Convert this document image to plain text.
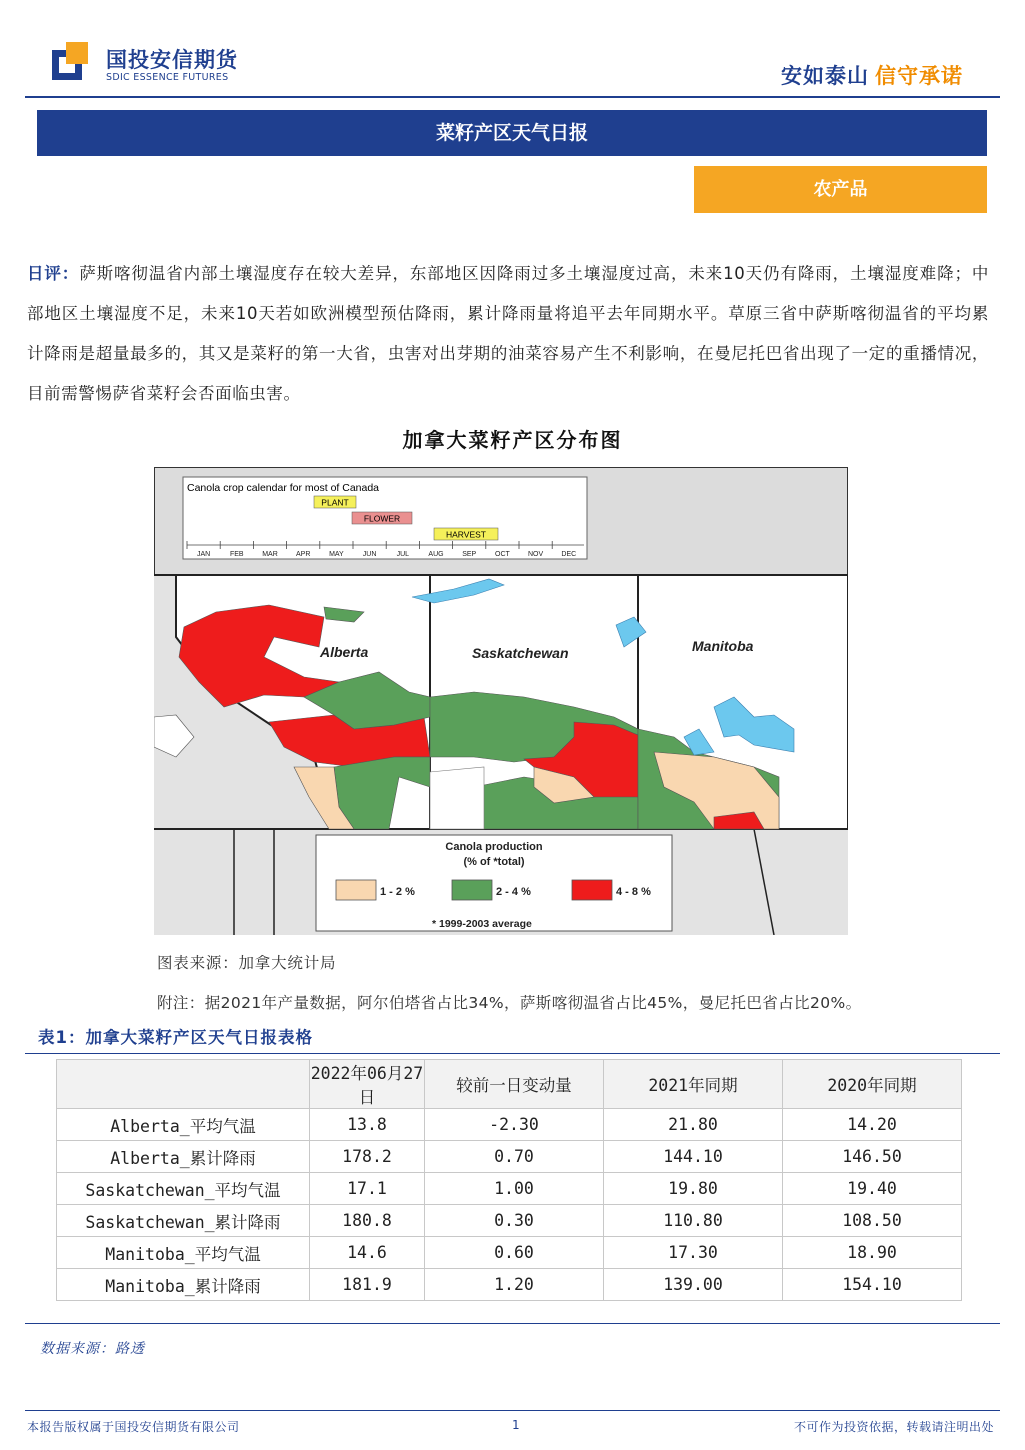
国投安信期货
SDIC ESSENCE FUTURES	安如泰山 信守承诺
菜籽产区天气日报
农产品
日评：萨斯喀彻温省内部土壤湿度存在较大差异，东部地区因降雨过多土壤湿度过高，未来10天仍有降雨，土壤湿度难降；中部地区土壤湿度不足，未来10天若如欧洲模型预估降雨，累计降雨量将追平去年同期水平。草原三省中萨斯喀彻温省的平均累计降雨是超量最多的，其又是菜籽的第一大省，虫害对出芽期的油菜容易产生不利影响，在曼尼托巴省出现了一定的重播情况，目前需警惕萨省菜籽会否面临虫害。
加拿大菜籽产区分布图
Canola crop calendar for most of Canada
PLANT
FLOWER
HARVEST
JAN	FEB	MAR	APR	MAY	JUN	JUL	AUG	SEP	OCT	NOV	DEC
Alberta	Saskatchewan	Manitoba
Canola production
(% of *total)
1 - 2 %	2 - 4 %	4 - 8 %
* 1999-2003 average
图表来源：加拿大统计局
附注：据2021年产量数据，阿尔伯塔省占比34%，萨斯喀彻温省占比45%，曼尼托巴省占比20%。
表1：加拿大菜籽产区天气日报表格
	2022年06月27日	较前一日变动量	2021年同期	2020年同期
Alberta_平均气温	13.8	-2.30	21.80	14.20
Alberta_累计降雨	178.2	0.70	144.10	146.50
Saskatchewan_平均气温	17.1	1.00	19.80	19.40
Saskatchewan_累计降雨	180.8	0.30	110.80	108.50
Manitoba_平均气温	14.6	0.60	17.30	18.90
Manitoba_累计降雨	181.9	1.20	139.00	154.10
数据来源：路透
本报告版权属于国投安信期货有限公司	1	不可作为投资依据，转载请注明出处
